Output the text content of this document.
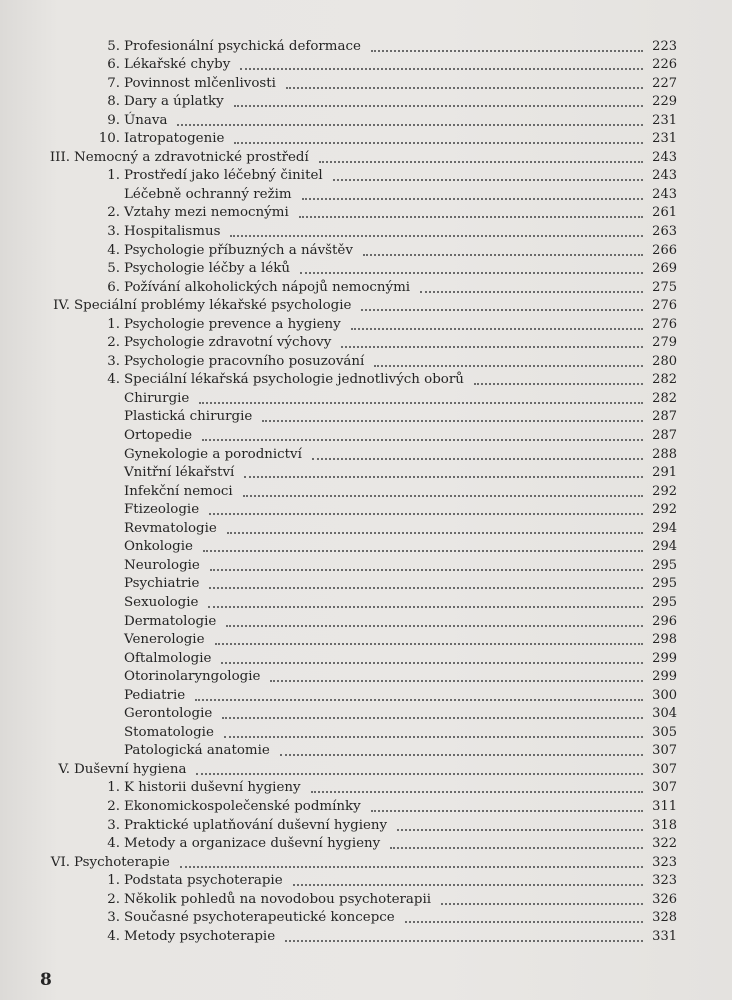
5. Profesionální psychická deformace	223
6. Lékařské chyby	226
7. Povinnost mlčenlivosti	227
8. Dary a úplatky	229
9. Únava	231
10. Iatropatogenie	231
III. Nemocný a zdravotnické prostředí	243
1. Prostředí jako léčebný činitel	243
Léčebně ochranný režim	243
2. Vztahy mezi nemocnými	261
3. Hospitalismus	263
4. Psychologie příbuzných a návštěv	266
5. Psychologie léčby a léků	269
6. Požívání alkoholických nápojů nemocnými	275
IV. Speciální problémy lékařské psychologie	276
1. Psychologie prevence a hygieny	276
2. Psychologie zdravotní výchovy	279
3. Psychologie pracovního posuzování	280
4. Speciální lékařská psychologie jednotlivých oborů	282
Chirurgie	282
Plastická chirurgie	287
Ortopedie	287
Gynekologie a porodnictví	288
Vnitřní lékařství	291
Infekční nemoci	292
Ftizeologie	292
Revmatologie	294
Onkologie	294
Neurologie	295
Psychiatrie	295
Sexuologie	295
Dermatologie	296
Venerologie	298
Oftalmologie	299
Otorinolaryngologie	299
Pediatrie	300
Gerontologie	304
Stomatologie	305
Patologická anatomie	307
V. Duševní hygiena	307
1. K historii duševní hygieny	307
2. Ekonomickospolečenské podmínky	311
3. Praktické uplatňování duševní hygieny	318
4. Metody a organizace duševní hygieny	322
VI. Psychoterapie	323
1. Podstata psychoterapie	323
2. Několik pohledů na novodobou psychoterapii	326
3. Současné psychoterapeutické koncepce	328
4. Metody psychoterapie	331
8
